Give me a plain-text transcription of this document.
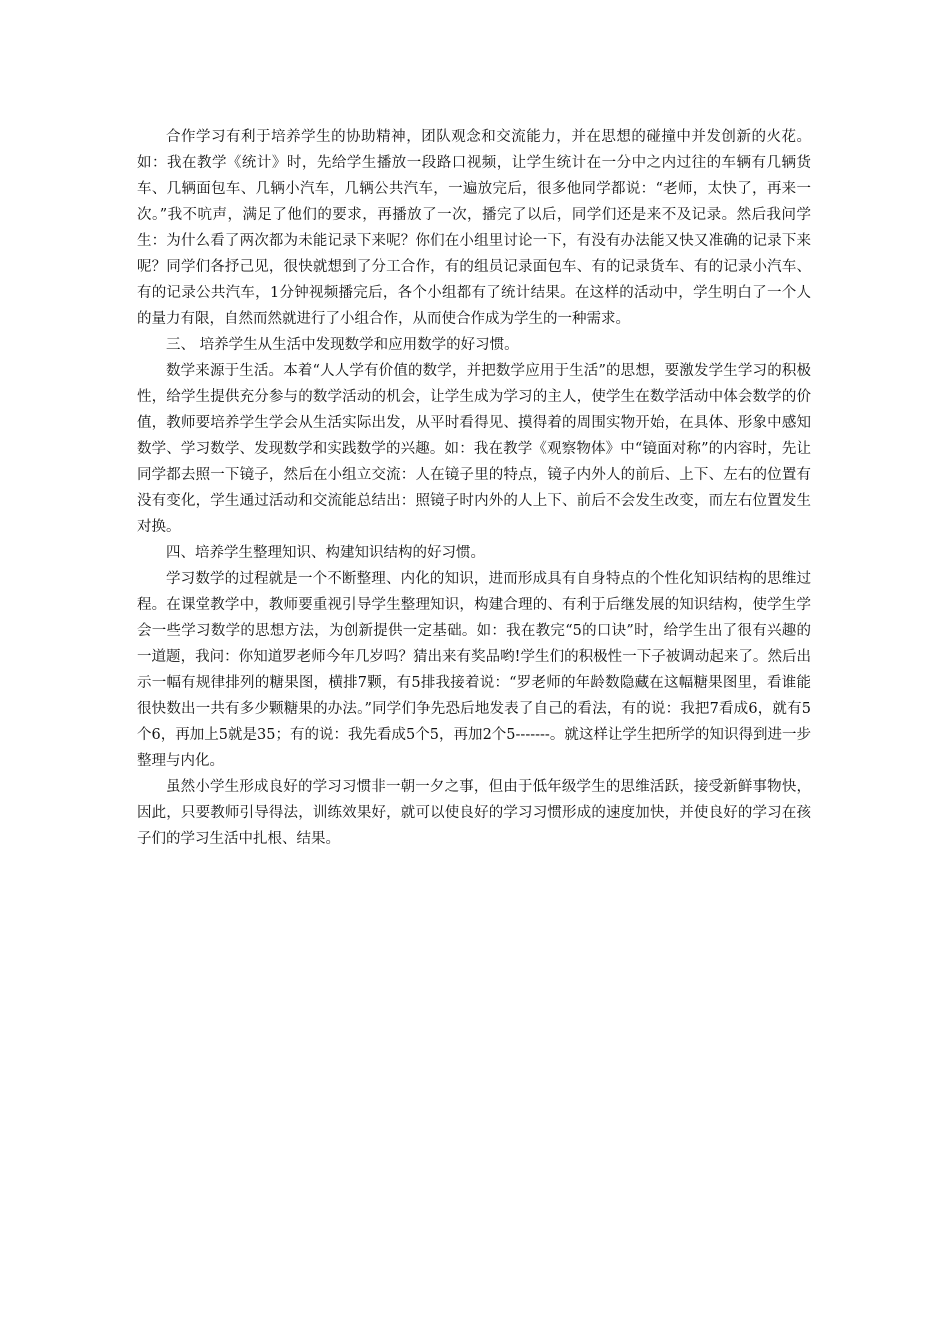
合作学习有利于培养学生的协助精神，团队观念和交流能力，并在思想的碰撞中并发创新的火花。如：我在教学《统计》时，先给学生播放一段路口视频，让学生统计在一分中之内过往的车辆有几辆货车、几辆面包车、几辆小汽车，几辆公共汽车，一遍放完后，很多他同学都说：“老师，太快了，再来一次。”我不吭声，满足了他们的要求，再播放了一次，播完了以后，同学们还是来不及记录。然后我问学生：为什么看了两次都为未能记录下来呢？你们在小组里讨论一下，有没有办法能又快又准确的记录下来呢？同学们各抒己见，很快就想到了分工合作，有的组员记录面包车、有的记录货车、有的记录小汽车、有的记录公共汽车，1分钟视频播完后，各个小组都有了统计结果。在这样的活动中，学生明白了一个人的量力有限，自然而然就进行了小组合作，从而使合作成为学生的一种需求。

三、 培养学生从生活中发现数学和应用数学的好习惯。

数学来源于生活。本着“人人学有价值的数学，并把数学应用于生活”的思想，要激发学生学习的积极性，给学生提供充分参与的数学活动的机会，让学生成为学习的主人，使学生在数学活动中体会数学的价值，教师要培养学生学会从生活实际出发，从平时看得见、摸得着的周围实物开始，在具体、形象中感知数学、学习数学、发现数学和实践数学的兴趣。如：我在教学《观察物体》中“镜面对称”的内容时，先让同学都去照一下镜子，然后在小组立交流：人在镜子里的特点，镜子内外人的前后、上下、左右的位置有没有变化，学生通过活动和交流能总结出：照镜子时内外的人上下、前后不会发生改变，而左右位置发生对换。

四、培养学生整理知识、构建知识结构的好习惯。

学习数学的过程就是一个不断整理、内化的知识，进而形成具有自身特点的个性化知识结构的思维过程。在课堂教学中，教师要重视引导学生整理知识，构建合理的、有利于后继发展的知识结构，使学生学会一些学习数学的思想方法，为创新提供一定基础。如：我在教完“5的口诀”时，给学生出了很有兴趣的一道题，我问：你知道罗老师今年几岁吗？猜出来有奖品哟!学生们的积极性一下子被调动起来了。然后出示一幅有规律排列的糖果图，横排7颗，有5排我接着说：“罗老师的年龄数隐藏在这幅糖果图里，看谁能很快数出一共有多少颗糖果的办法。”同学们争先恐后地发表了自己的看法，有的说：我把7看成6，就有5个6，再加上5就是35；有的说：我先看成5个5，再加2个5-------。就这样让学生把所学的知识得到进一步整理与内化。

虽然小学生形成良好的学习习惯非一朝一夕之事，但由于低年级学生的思维活跃，接受新鲜事物快，因此，只要教师引导得法，训练效果好，就可以使良好的学习习惯形成的速度加快，并使良好的学习在孩子们的学习生活中扎根、结果。
